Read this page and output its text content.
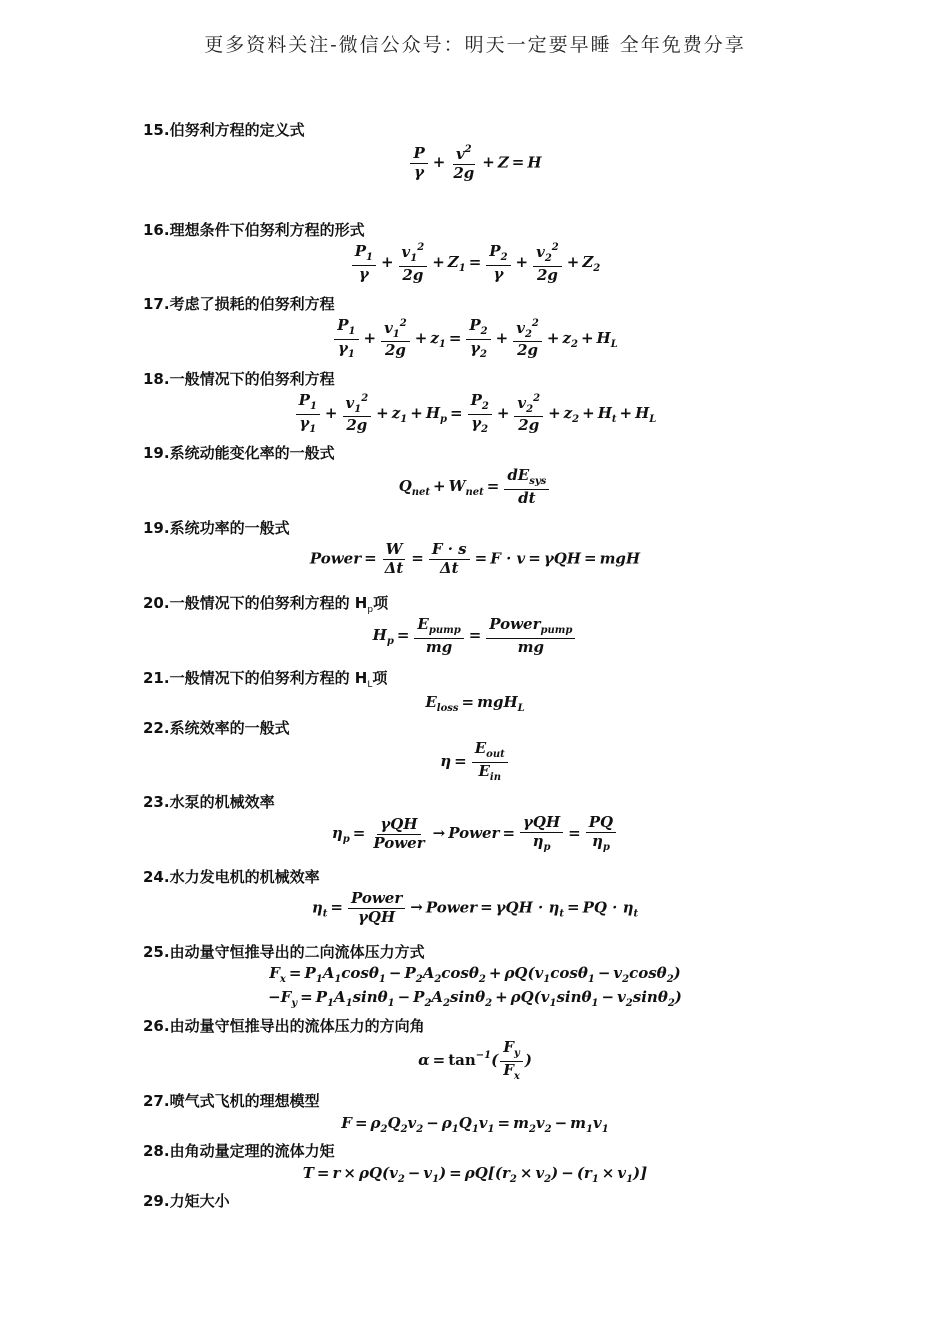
更多资料关注-微信公众号：明天一定要早睡 全年免费分享
15.伯努利方程的定义式
$\frac{P}{\gamma} + \frac{v^2}{2g} + Z = H$
16.理想条件下伯努利方程的形式
$\frac{P_1}{\gamma} + \frac{v_1^2}{2g} + Z_1 = \frac{P_2}{\gamma} + \frac{v_2^2}{2g} + Z_2$
17.考虑了损耗的伯努利方程
$\frac{P_1}{\gamma_1} + \frac{v_1^2}{2g} + z_1 = \frac{P_2}{\gamma_2} + \frac{v_2^2}{2g} + z_2 + H_L$
18.一般情况下的伯努利方程
$\frac{P_1}{\gamma_1} + \frac{v_1^2}{2g} + z_1 + H_p = \frac{P_2}{\gamma_2} + \frac{v_2^2}{2g} + z_2 + H_t + H_L$
19.系统动能变化率的一般式
$Q_{net} + W_{net} = \frac{dE_{sys}}{dt}$
19.系统功率的一般式
Power = $\frac{W}{\Delta t} = \frac{F \cdot s}{\Delta t} = F \cdot v = \gamma QH$ = mgH
20.一般情况下的伯努利方程的 $H_p$项
$H_p = \frac{E_{pump}}{mg} = \frac{Power_{pump}}{mg}$
21.一般情况下的伯努利方程的 $H_L$项
$E_{loss} = mgH_L$
22.系统效率的一般式
$\eta = \frac{E_{out}}{E_{in}}$
23.水泵的机械效率
$\eta_p = \frac{\text{γQH}}{\text{Power}}$ → Power = $\frac{\text{γQH}}{\eta_p} = \frac{PQ}{\eta_p}$
24.水力发电机的机械效率
$\eta_t = \frac{\text{Power}}{\text{γQH}}$ → Power = $\gamma QH \cdot \eta_t$ = PQ · $\eta_t$
25.由动量守恒推导出的二向流体压力方式
$F_x = P_1A_1\cos\theta_1 - P_2A_2\cos\theta_2 + \rho Q(v_1\cos\theta_1 - v_2\cos\theta_2)$
$-F_y = P_1A_1\sin\theta_1 - P_2A_2\sin\theta_2 + \rho Q(v_1\sin\theta_1 - v_2\sin\theta_2)$
26.由动量守恒推导出的流体压力的方向角
$\alpha = \tan^{-1}( \frac{F_y}{F_x}$ )
27.喷气式飞机的理想模型
$F = \rho_2Q_2v_2 - \rho_1Q_1v_1 = m_2v_2 - m_1v_1$
28.由角动量定理的流体力矩
$T = r \times \rho Q(v_2 - v_1) = \rho Q[(r_2 \times v_2) - (r_1 \times v_1)]$
29.力矩大小
